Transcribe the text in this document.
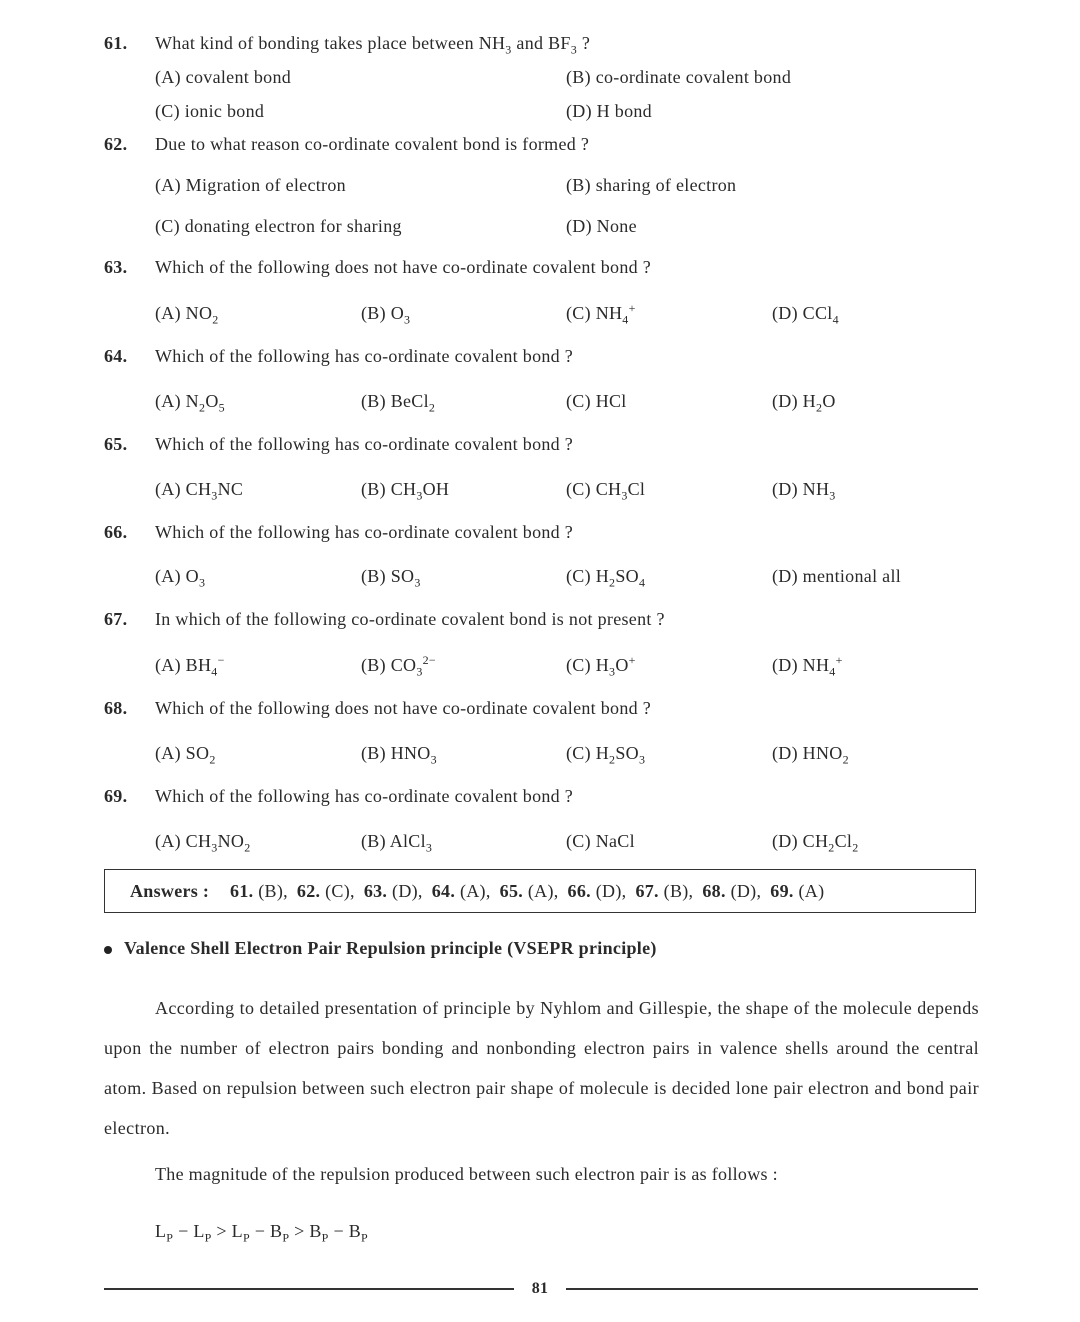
61. What kind of bonding takes place between $NH_3$ and $BF_3$ ?
(A) covalent bond	(B) co-ordinate covalent bond
(C) ionic bond	(D) H bond
62. Due to what reason co-ordinate covalent bond is formed ?
(A) Migration of electron	(B) sharing of electron
(C) donating electron for sharing	(D) None
63. Which of the following does not have co-ordinate covalent bond ?
(A) $NO_2$	(B) $O_3$	(C) $NH_4^+$	(D) CCl$_4$
64. Which of the following has co-ordinate covalent bond ?
(A) $N_2O_5$	(B) BeCl$_2$	(C) HCl	(D) $H_2O$
65. Which of the following has co-ordinate covalent bond ?
(A) $CH_3NC$	(B) $CH_3OH$	(C) $CH_3Cl$	(D) $NH_3$
66. Which of the following has co-ordinate covalent bond ?
(A) $O_3$	(B) $SO_3$	(C) $H_2SO_4$	(D) mentional all
67. In which of the following co-ordinate covalent bond is not present ?
(A) $BH_4^-$	(B) $CO_3^{2-}$	(C) $H_3O^+$	(D) $NH_4^+$
68. Which of the following does not have co-ordinate covalent bond ?
(A) $SO_2$	(B) $HNO_3$	(C) $H_2SO_3$	(D) $HNO_2$
69. Which of the following has co-ordinate covalent bond ?
(A) $CH_3NO_2$	(B) AlCl$_3$	(C) NaCl	(D) $CH_2Cl_2$
Answers : 61. (B), 62. (C), 63. (D), 64. (A), 65. (A), 66. (D), 67. (B), 68. (D), 69. (A)
Valence Shell Electron Pair Repulsion principle (VSEPR principle)
According to detailed presentation of principle by Nyhlom and Gillespie, the shape of the molecule depends upon the number of electron pairs bonding and nonbonding electron pairs in valence shells around the central atom. Based on repulsion between such electron pair shape of molecule is decided lone pair electron and bond pair electron.
The magnitude of the repulsion produced between such electron pair is as follows :
$L_P - L_P > L_P - B_P > B_P - B_P$
81
